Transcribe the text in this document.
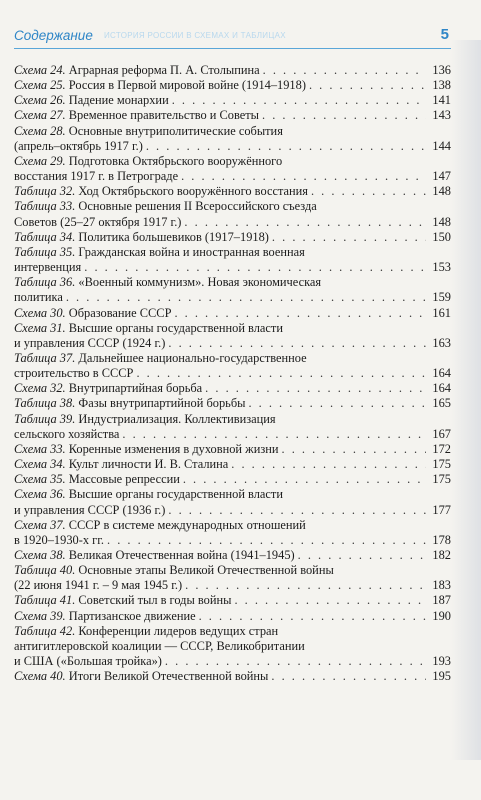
Содержание ИСТОРИЯ РОССИИ В СХЕМАХ И ТАБЛИЦАХ	5
Схема 24. Аграрная реформа П. А. Столыпина . . .	136
Схема 25. Россия в Первой мировой войне (1914–1918) . . .	138
Схема 26. Падение монархии . . .	141
Схема 27. Временное правительство и Советы . . .	143
Схема 28. Основные внутриполитические события
(апрель–октябрь 1917 г.) . . .	144
Схема 29. Подготовка Октябрьского вооружённого
восстания 1917 г. в Петрограде . . .	147
Таблица 32. Ход Октябрьского вооружённого восстания . . .	148
Таблица 33. Основные решения II Всероссийского съезда
Советов (25–27 октября 1917 г.) . . .	148
Таблица 34. Политика большевиков (1917–1918) . . .	150
Таблица 35. Гражданская война и иностранная военная
интервенция . . .	153
Таблица 36. «Военный коммунизм». Новая экономическая
политика . . .	159
Схема 30. Образование СССР . . .	161
Схема 31. Высшие органы государственной власти
и управления СССР (1924 г.) . . .	163
Таблица 37. Дальнейшее национально-государственное
строительство в СССР . . .	164
Схема 32. Внутрипартийная борьба . . .	164
Таблица 38. Фазы внутрипартийной борьбы . . .	165
Таблица 39. Индустриализация. Коллективизация
сельского хозяйства . . .	167
Схема 33. Коренные изменения в духовной жизни . . .	172
Схема 34. Культ личности И. В. Сталина . . .	175
Схема 35. Массовые репрессии . . .	175
Схема 36. Высшие органы государственной власти
и управления СССР (1936 г.) . . .	177
Схема 37. СССР в системе международных отношений
в 1920–1930-х гг. . . .	178
Схема 38. Великая Отечественная война (1941–1945) . . .	182
Таблица 40. Основные этапы Великой Отечественной войны
(22 июня 1941 г. – 9 мая 1945 г.) . . .	183
Таблица 41. Советский тыл в годы войны . . .	187
Схема 39. Партизанское движение . . .	190
Таблица 42. Конференции лидеров ведущих стран
антигитлеровской коалиции — СССР, Великобритании
и США («Большая тройка») . . .	193
Схема 40. Итоги Великой Отечественной войны . . .	195
